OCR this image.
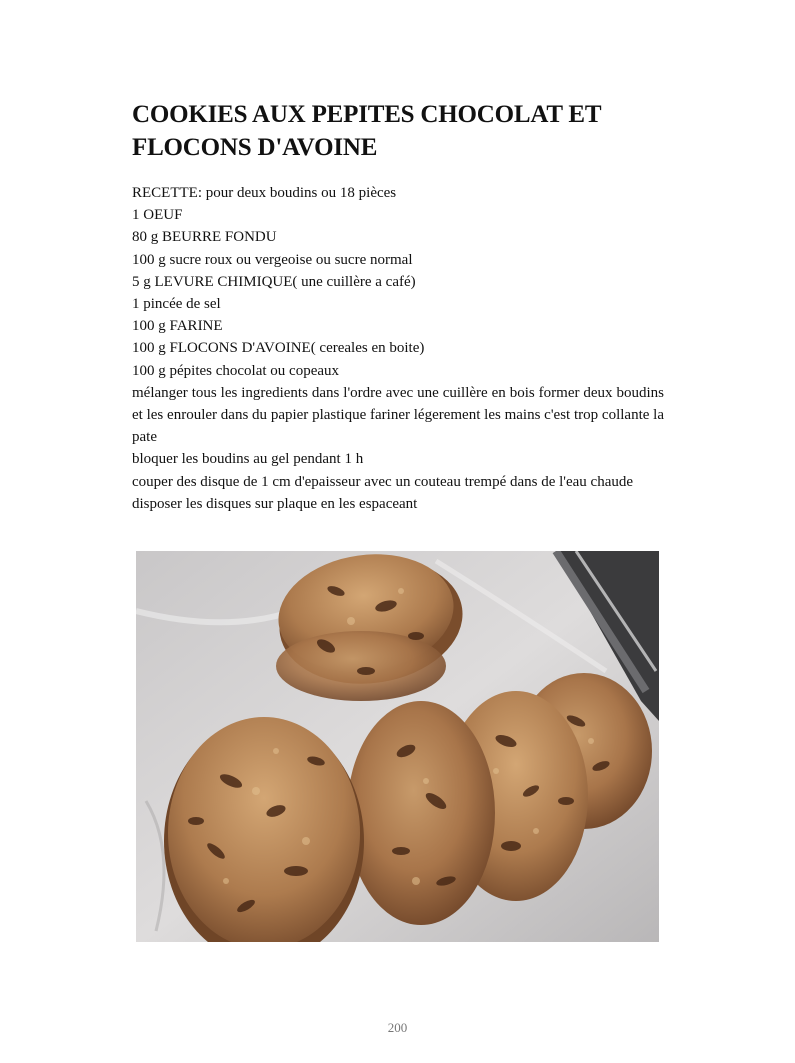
COOKIES AUX PEPITES CHOCOLAT ET
FLOCONS D'AVOINE

RECETTE: pour deux boudins ou 18 pièces

1 OEUF

80 g BEURRE FONDU

100 g sucre roux ou vergeoise ou sucre normal

5 g LEVURE CHIMIQUE( une cuillère a café)

1 pincée de sel

100 g FARINE

100 g FLOCONS D'AVOINE( cereales en boite)

100 g pépites chocolat ou copeaux

mélanger tous les ingredients dans l'ordre avec une cuillère en bois former deux boudins et les enrouler dans du papier plastique fariner légerement les mains c'est trop collante la pate

bloquer les boudins au gel pendant 1 h

couper des disque de 1 cm d'epaisseur avec un couteau trempé dans de l'eau chaude

disposer les disques sur plaque en les espaceant

200
